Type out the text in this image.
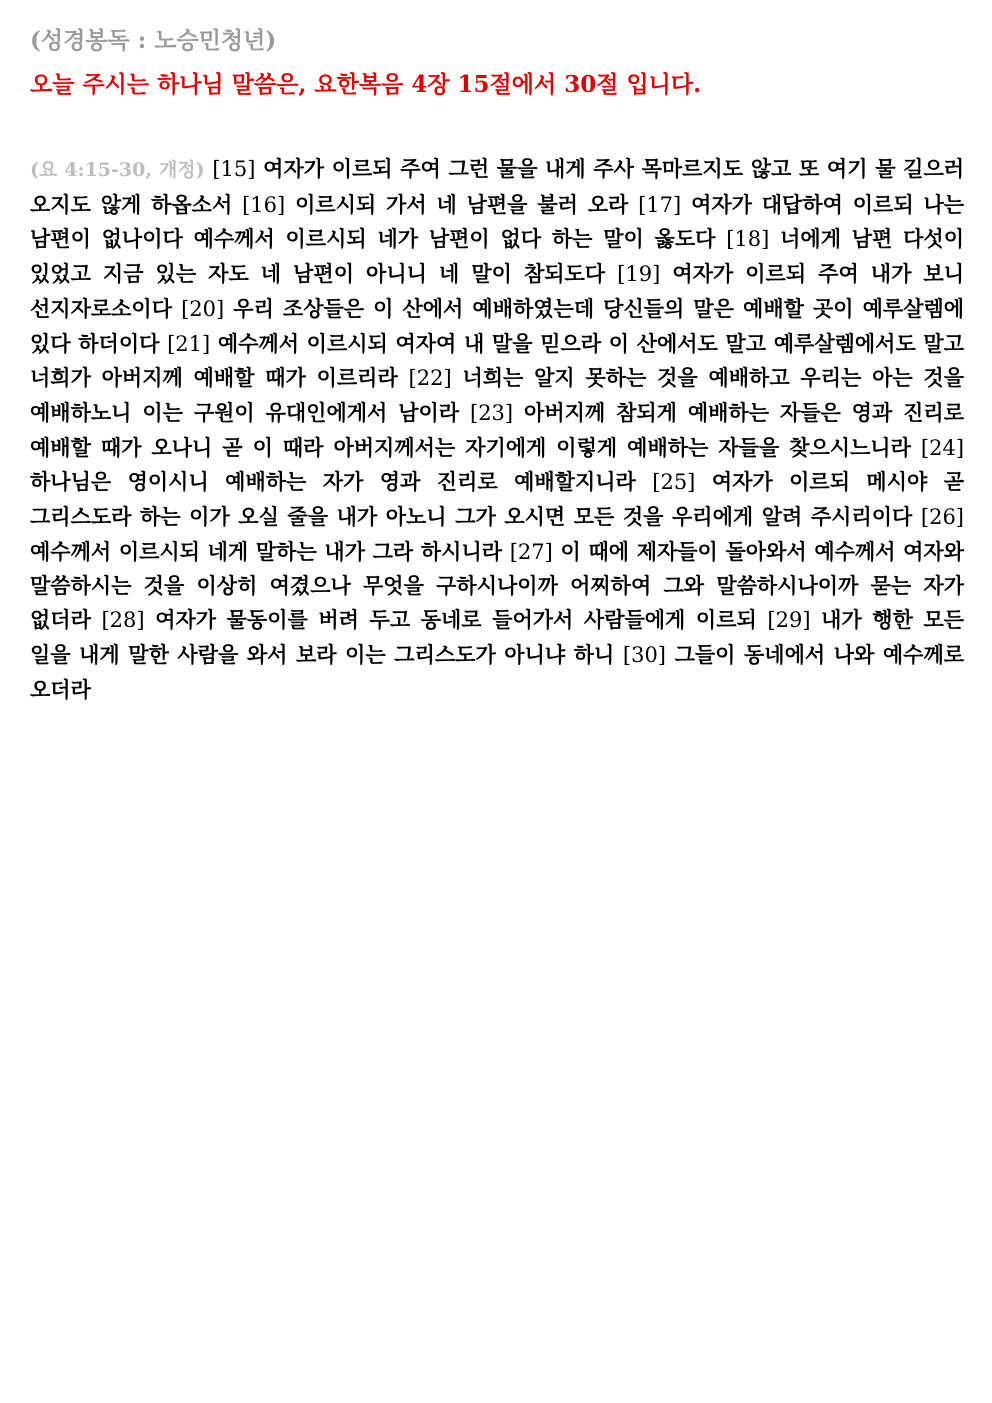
(성경봉독 : 노승민청년)

오늘 주시는 하나님 말씀은, 요한복음 4장 15절에서 30절 입니다.

(요 4:15-30, 개정) [15] 여자가 이르되 주여 그런 물을 내게 주사 목마르지도 않고 또 여기 물 길으러 오지도 않게 하옵소서 [16] 이르시되 가서 네 남편을 불러 오라 [17] 여자가 대답하여 이르되 나는 남편이 없나이다 예수께서 이르시되 네가 남편이 없다 하는 말이 옳도다 [18] 너에게 남편 다섯이 있었고 지금 있는 자도 네 남편이 아니니 네 말이 참되도다 [19] 여자가 이르되 주여 내가 보니 선지자로소이다 [20] 우리 조상들은 이 산에서 예배하였는데 당신들의 말은 예배할 곳이 예루살렘에 있다 하더이다 [21] 예수께서 이르시되 여자여 내 말을 믿으라 이 산에서도 말고 예루살렘에서도 말고 너희가 아버지께 예배할 때가 이르리라 [22] 너희는 알지 못하는 것을 예배하고 우리는 아는 것을 예배하노니 이는 구원이 유대인에게서 남이라 [23] 아버지께 참되게 예배하는 자들은 영과 진리로 예배할 때가 오나니 곧 이 때라 아버지께서는 자기에게 이렇게 예배하는 자들을 찾으시느니라 [24] 하나님은 영이시니 예배하는 자가 영과 진리로 예배할지니라 [25] 여자가 이르되 메시야 곧 그리스도라 하는 이가 오실 줄을 내가 아노니 그가 오시면 모든 것을 우리에게 알려 주시리이다 [26] 예수께서 이르시되 네게 말하는 내가 그라 하시니라 [27] 이 때에 제자들이 돌아와서 예수께서 여자와 말씀하시는 것을 이상히 여겼으나 무엇을 구하시나이까 어찌하여 그와 말씀하시나이까 묻는 자가 없더라 [28] 여자가 물동이를 버려 두고 동네로 들어가서 사람들에게 이르되 [29] 내가 행한 모든 일을 내게 말한 사람을 와서 보라 이는 그리스도가 아니냐 하니 [30] 그들이 동네에서 나와 예수께로 오더라
